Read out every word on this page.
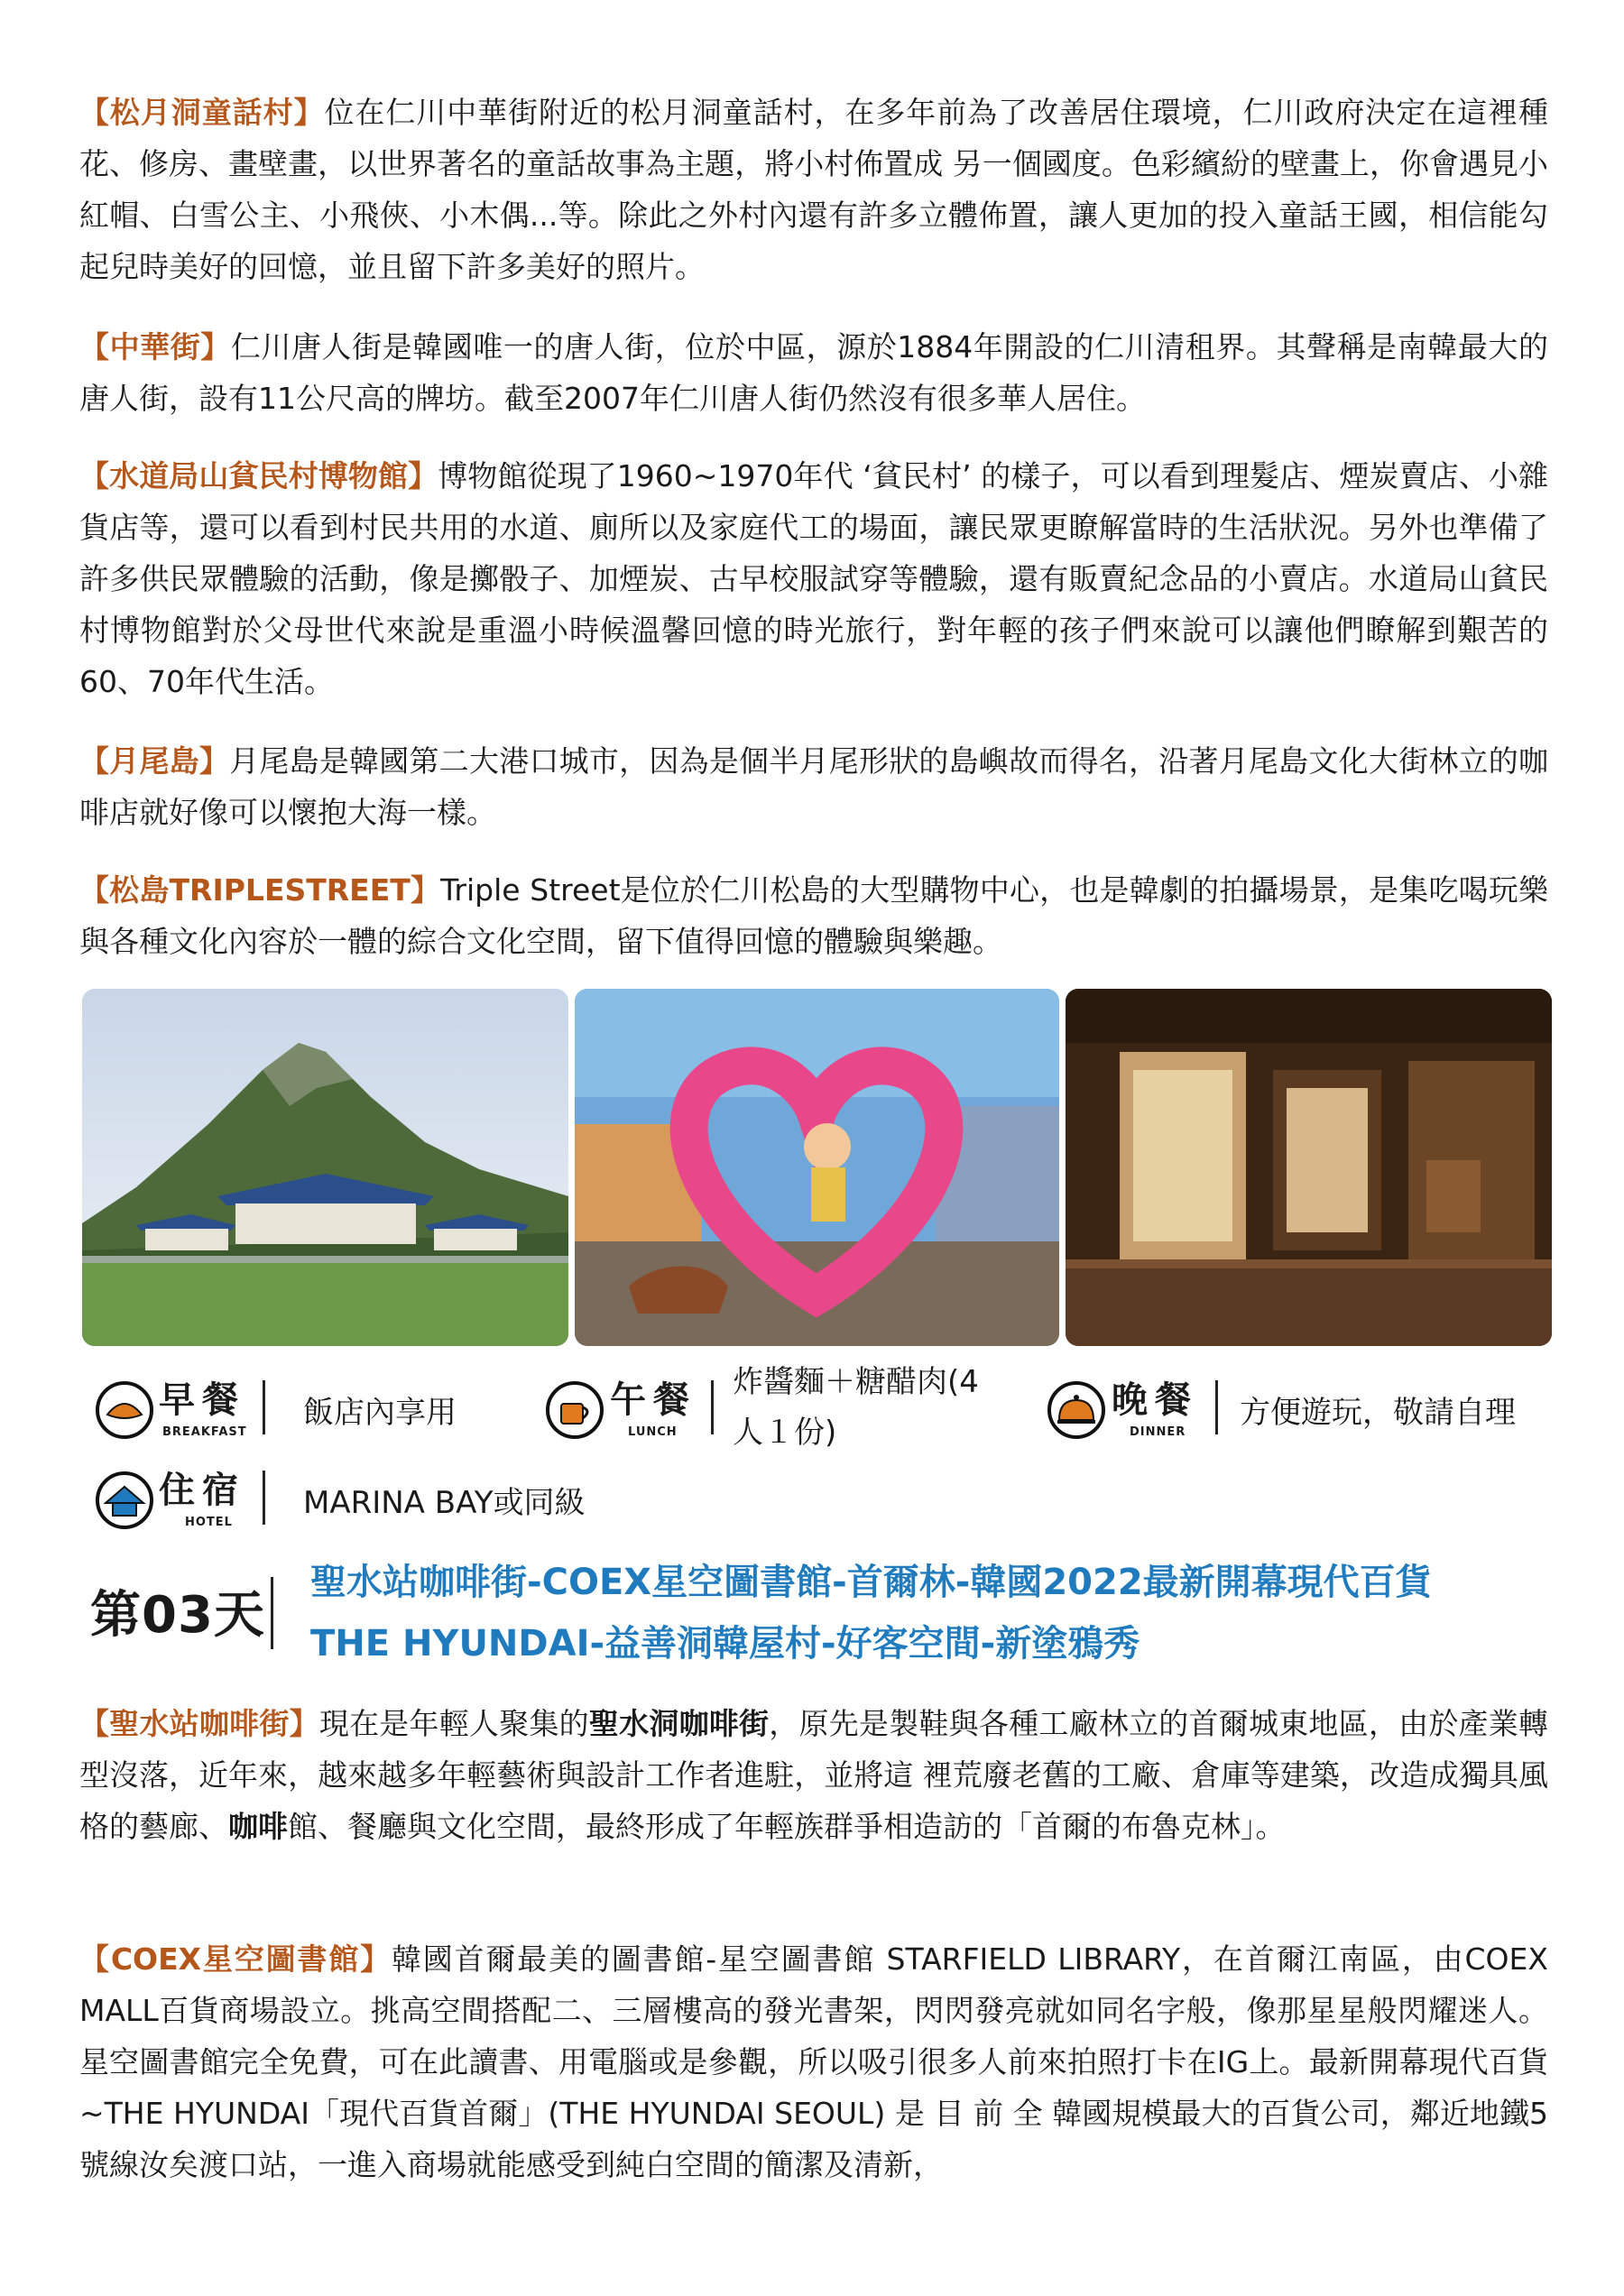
【松月洞童話村】位在仁川中華街附近的松月洞童話村，在多年前為了改善居住環境，仁川政府決定在這裡種花、修房、畫壁畫，以世界著名的童話故事為主題，將小村佈置成 另一個國度。色彩繽紛的壁畫上，你會遇見小紅帽、白雪公主、小飛俠、小木偶...等。除此之外村內還有許多立體佈置，讓人更加的投入童話王國，相信能勾 起兒時美好的回憶，並且留下許多美好的照片。

【中華街】仁川唐人街是韓國唯一的唐人街，位於中區，源於1884年開設的仁川清租界。其聲稱是南韓最大的唐人街，設有11公尺高的牌坊。截至2007年仁川唐人街仍然沒有很多華人居住。

【水道局山貧民村博物館】博物館從現了1960~1970年代 ‘貧民村’ 的樣子，可以看到理髮店、煙炭賣店、小雜貨店等，還可以看到村民共用的水道、廁所以及家庭代工的場面，讓民眾更瞭解當時的生活狀況。另外也準備了許多供民眾體驗的活動，像是擲骰子、加煙炭、古早校服試穿等體驗，還有販賣紀念品的小賣店。水道局山貧民村博物館對於父母世代來說是重溫小時候溫馨回憶的時光旅行，對年輕的孩子們來說可以讓他們瞭解到艱苦的60、70年代生活。

【月尾島】月尾島是韓國第二大港口城市，因為是個半月尾形狀的島嶼故而得名，沿著月尾島文化大街林立的咖啡店就好像可以懷抱大海一樣。

【松島TRIPLESTREET】Triple Street是位於仁川松島的大型購物中心，也是韓劇的拍攝場景，是集吃喝玩樂與各種文化內容於一體的綜合文化空間，留下值得回憶的體驗與樂趣。

早餐
BREAKFAST
飯店內享用	午餐
LUNCH
炸醬麵＋糖醋肉(4
人１份)
晚餐
DINNER
方便遊玩，敬請自理
住宿
HOTEL
MARINA BAY或同級
第03天
聖水站咖啡街-COEX星空圖書館-首爾林-韓國2022最新開幕現代百貨
THE HYUNDAI-益善洞韓屋村-好客空間-新塗鴉秀

【聖水站咖啡街】現在是年輕人聚集的聖水洞咖啡街，原先是製鞋與各種工廠林立的首爾城東地區，由於產業轉型沒落，近年來，越來越多年輕藝術與設計工作者進駐，並將這 裡荒廢老舊的工廠、倉庫等建築，改造成獨具風格的藝廊、咖啡館、餐廳與文化空間，最終形成了年輕族群爭相造訪的「首爾的布魯克林」。

【COEX星空圖書館】韓國首爾最美的圖書館-星空圖書館 STARFIELD LIBRARY，在首爾江南區，由COEX MALL百貨商場設立。挑高空間搭配二、三層樓高的發光書架，閃閃發亮就如同名字般，像那星星般閃耀迷人。星空圖書館完全免費，可在此讀書、用電腦或是參觀，所以吸引很多人前來拍照打卡在IG上。最新開幕現代百貨~THE HYUNDAI「現代百貨首爾」(THE HYUNDAI SEOUL) 是 目 前 全 韓國規模最大的百貨公司，鄰近地鐵5號線汝矣渡口站，一進入商場就能感受到純白空間的簡潔及清新，
